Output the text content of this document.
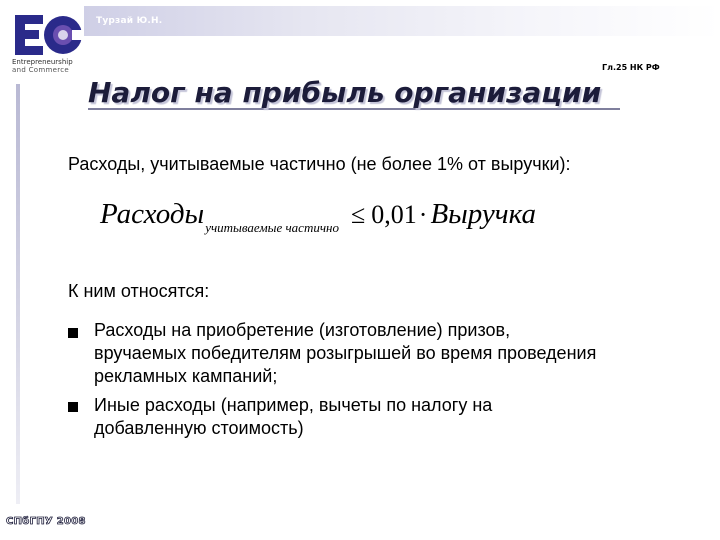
Entrepreneurship
and Commerce
Турзай Ю.Н.
Гл.25 НК РФ
Налог на прибыль организации
Расходы, учитываемые частично (не более 1% от выручки):
Расходыучитываемые частично ≤ 0,01· Выручка
К ним относятся:
Расходы на приобретение (изготовление) призов,
вручаемых победителям розыгрышей во время проведения
рекламных кампаний;
Иные расходы (например, вычеты по налогу на
добавленную стоимость)
СПбГПУ 2008
